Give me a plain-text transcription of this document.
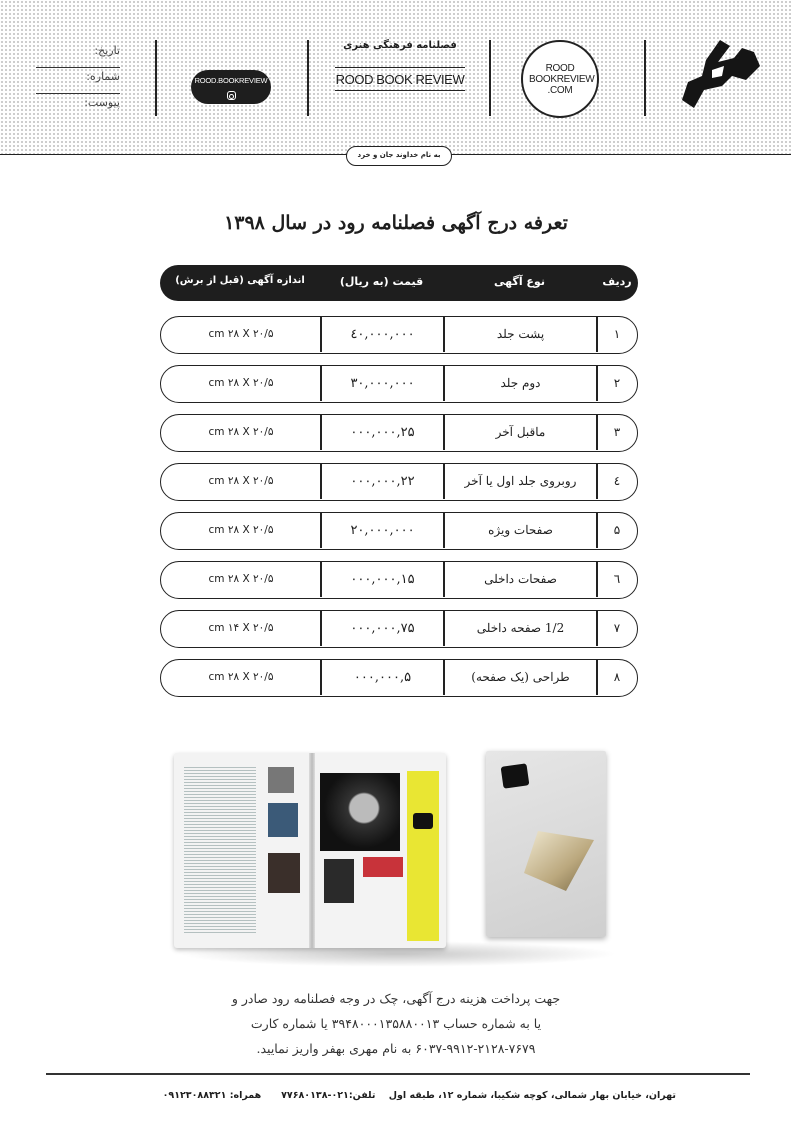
ROOD
BOOKREVIEW
.COM
فصلنامه فرهنگی هنری
ROOD BOOK REVIEW
ROOD.BOOKREVIEW
تاریخ:
شماره:
پیوست:
به نام خداوند جان و خرد
تعرفه درج آگهی فصلنامه رود در سال ۱۳۹۸
ردیف
نوع آگهی
قیمت (به ریال)
اندازه آگهی (قبل از برش)
۱
پشت جلد
٤٠,٠٠٠,٠٠٠
cm ۲۸ X ۲۰/۵
۲
دوم جلد
۳٠,٠٠٠,٠٠٠
cm ۲۸ X ۲۰/۵
۳
ماقبل آخر
۲۵,٠٠٠,٠٠٠
cm ۲۸ X ۲۰/۵
٤
روبروی جلد اول یا آخر
۲۲,٠٠٠,٠٠٠
cm ۲۸ X ۲۰/۵
۵
صفحات ویژه
۲٠,٠٠٠,٠٠٠
cm ۲۸ X ۲۰/۵
٦
صفحات داخلی
۱۵,٠٠٠,٠٠٠
cm ۲۸ X ۲۰/۵
۷
1/2 صفحه داخلی
۷۵,٠٠٠,٠٠٠
cm ۱۴ X ۲۰/۵
۸
طراحی (یک صفحه)
۵,٠٠٠,٠٠٠
cm ۲۸ X ۲۰/۵
جهت پرداخت هزینه درج آگهی، چک در وجه فصلنامه رود صادر و
یا به شماره حساب ۳۹۴۸۰۰۰۱۳۵۸۸۰۰۱۳ یا شماره کارت
۶۰۳۷-۹۹۱۲-۲۱۲۸-۷۶۷۹ به نام مهری بهفر واریز نمایید.
تهران، خیابان بهار شمالی، کوچه شکیبا، شماره ۱۲، طبقه اول    تلفن:۰۲۱-۷۷۶۸۰۱۳۸      همراه: ۰۹۱۲۳۰۸۸۳۲۱
